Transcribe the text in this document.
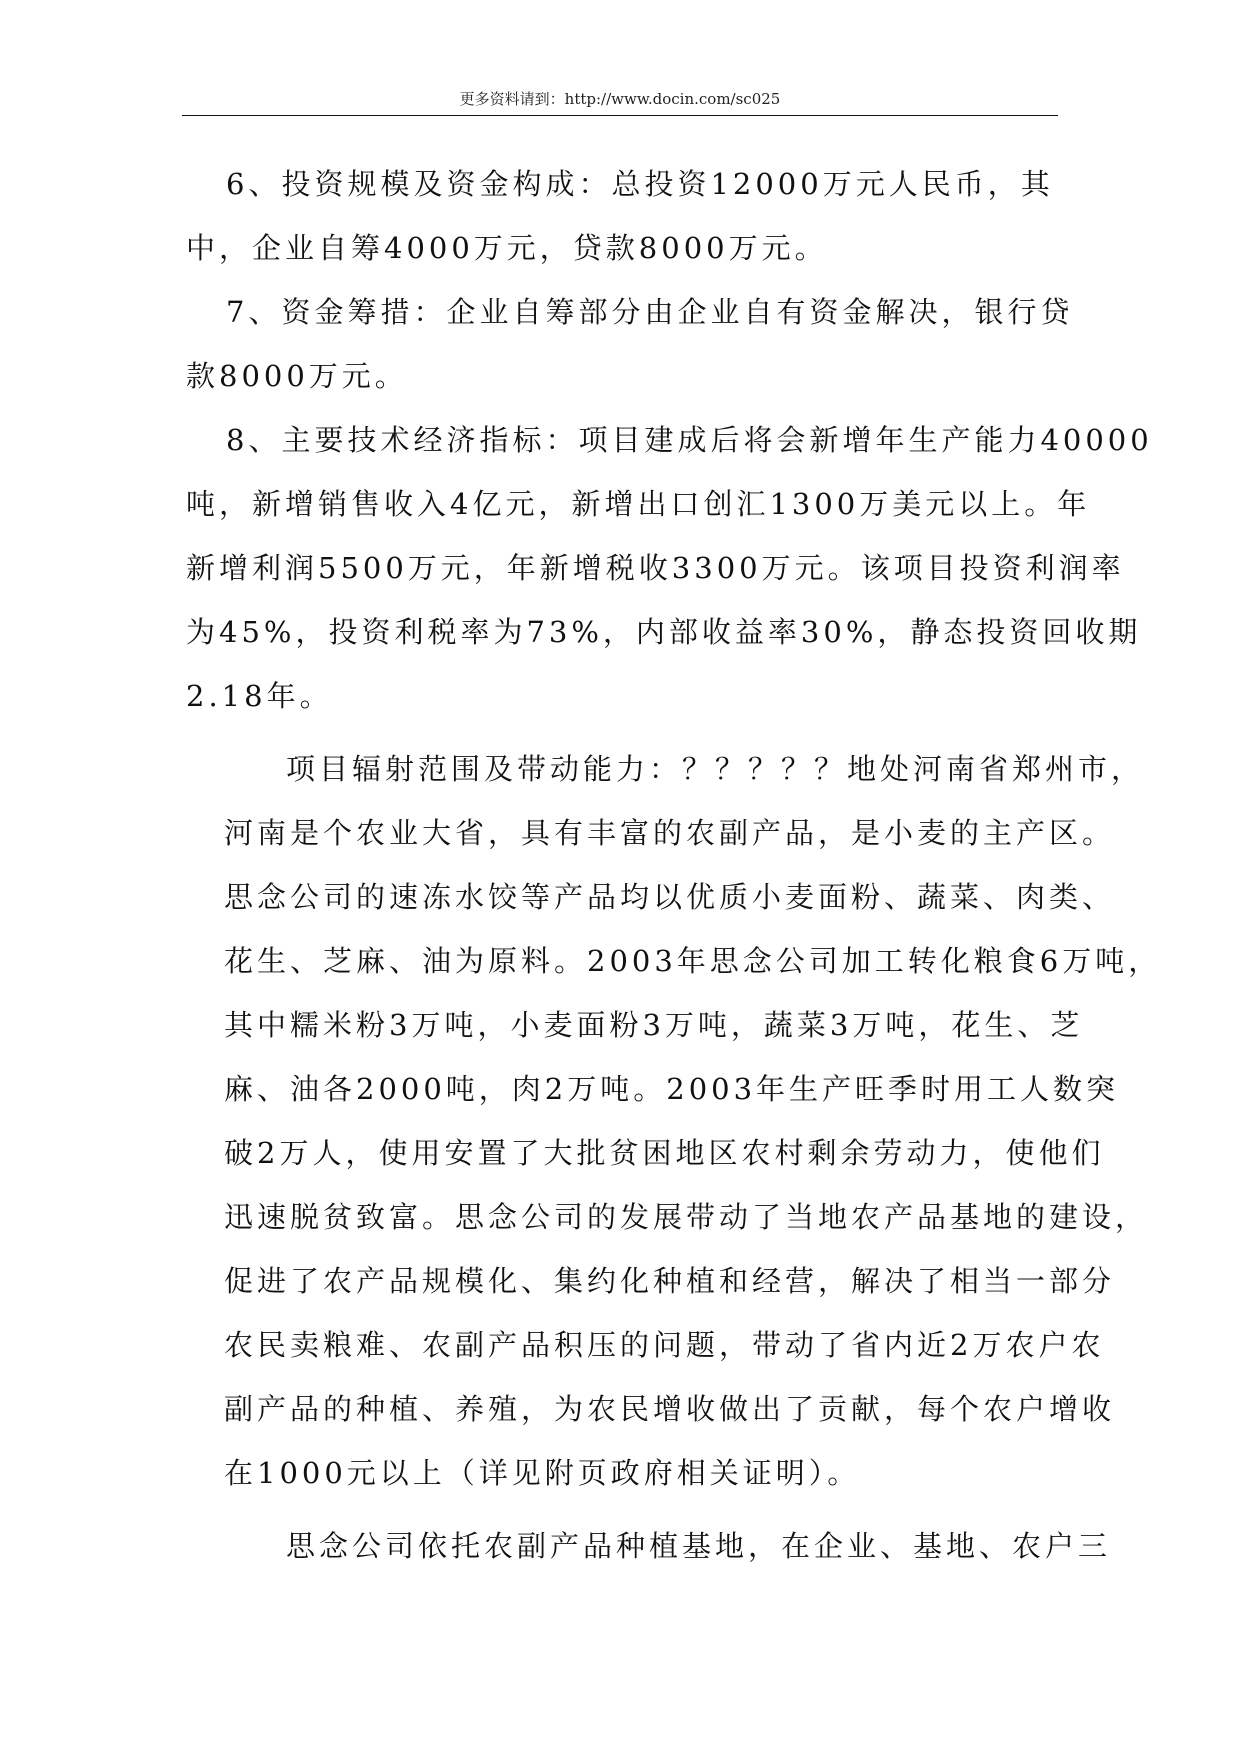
更多资料请到：http://www.docin.com/sc025
6、投资规模及资金构成：总投资12000万元人民币，其
中，企业自筹4000万元，贷款8000万元。
7、资金筹措：企业自筹部分由企业自有资金解决，银行贷
款8000万元。
8、主要技术经济指标：项目建成后将会新增年生产能力40000
吨，新增销售收入4亿元，新增出口创汇1300万美元以上。年
新增利润5500万元，年新增税收3300万元。该项目投资利润率
为45%，投资利税率为73%，内部收益率30%，静态投资回收期
2.18年。
项目辐射范围及带动能力：？？？？？地处河南省郑州市，
河南是个农业大省，具有丰富的农副产品，是小麦的主产区。
思念公司的速冻水饺等产品均以优质小麦面粉、蔬菜、肉类、
花生、芝麻、油为原料。2003年思念公司加工转化粮食6万吨，
其中糯米粉3万吨，小麦面粉3万吨，蔬菜3万吨，花生、芝
麻、油各2000吨，肉2万吨。2003年生产旺季时用工人数突
破2万人，使用安置了大批贫困地区农村剩余劳动力，使他们
迅速脱贫致富。思念公司的发展带动了当地农产品基地的建设，
促进了农产品规模化、集约化种植和经营，解决了相当一部分
农民卖粮难、农副产品积压的问题，带动了省内近2万农户农
副产品的种植、养殖，为农民增收做出了贡献，每个农户增收
在1000元以上（详见附页政府相关证明）。
思念公司依托农副产品种植基地，在企业、基地、农户三
